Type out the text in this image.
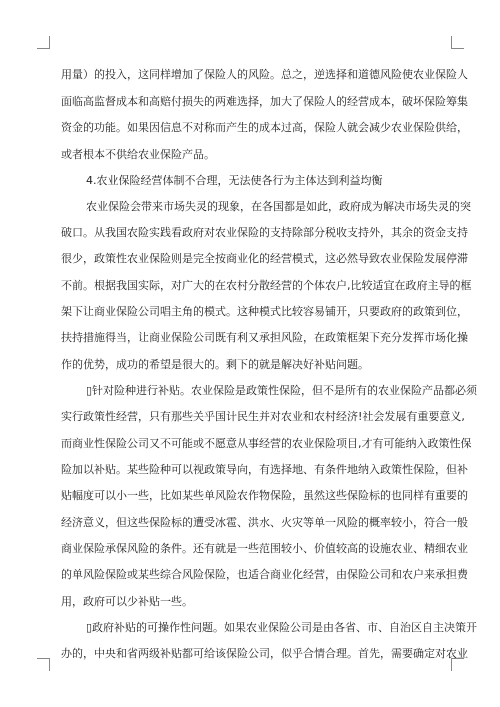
用量）的投入，这同样增加了保险人的风险。总之，逆选择和道德风险使农业保险人
面临高监督成本和高赔付损失的两难选择，加大了保险人的经营成本，破坏保险筹集
资金的功能。如果因信息不对称而产生的成本过高，保险人就会减少农业保险供给，
或者根本不供给农业保险产品。
4.农业保险经营体制不合理，无法使各行为主体达到利益均衡
农业保险会带来市场失灵的现象，在各国都是如此，政府成为解决市场失灵的突
破口。从我国农险实践看政府对农业保险的支持除部分税收支持外，其余的资金支持
很少，政策性农业保险则是完全按商业化的经营模式，这必然导致农业保险发展停滞
不前。根据我国实际，对广大的在农村分散经营的个体农户,比较适宜在政府主导的框
架下让商业保险公司唱主角的模式。这种模式比较容易铺开，只要政府的政策到位，
扶持措施得当，让商业保险公司既有利又承担风险，在政策框架下充分发挥市场化操
作的优势，成功的希望是很大的。剩下的就是解决好补贴问题。
▯针对险种进行补贴。农业保险是政策性保险，但不是所有的农业保险产品都必须
实行政策性经营，只有那些关乎国计民生并对农业和农村经济!社会发展有重要意义,
而商业性保险公司又不可能或不愿意从事经营的农业保险项目,才有可能纳入政策性保
险加以补贴。某些险种可以视政策导向，有选择地、有条件地纳入政策性保险，但补
贴幅度可以小一些，比如某些单风险农作物保险，虽然这些保险标的也同样有重要的
经济意义，但这些保险标的遭受冰雹、洪水、火灾等单一风险的概率较小，符合一般
商业保险承保风险的条件。还有就是一些范围较小、价值较高的设施农业、精细农业
的单风险保险或某些综合风险保险，也适合商业化经营，由保险公司和农户来承担费
用，政府可以少补贴一些。
▯政府补贴的可操作性问题。如果农业保险公司是由各省、市、自治区自主决策开
办的，中央和省两级补贴都可给该保险公司，似乎合情合理。首先，需要确定对农业
